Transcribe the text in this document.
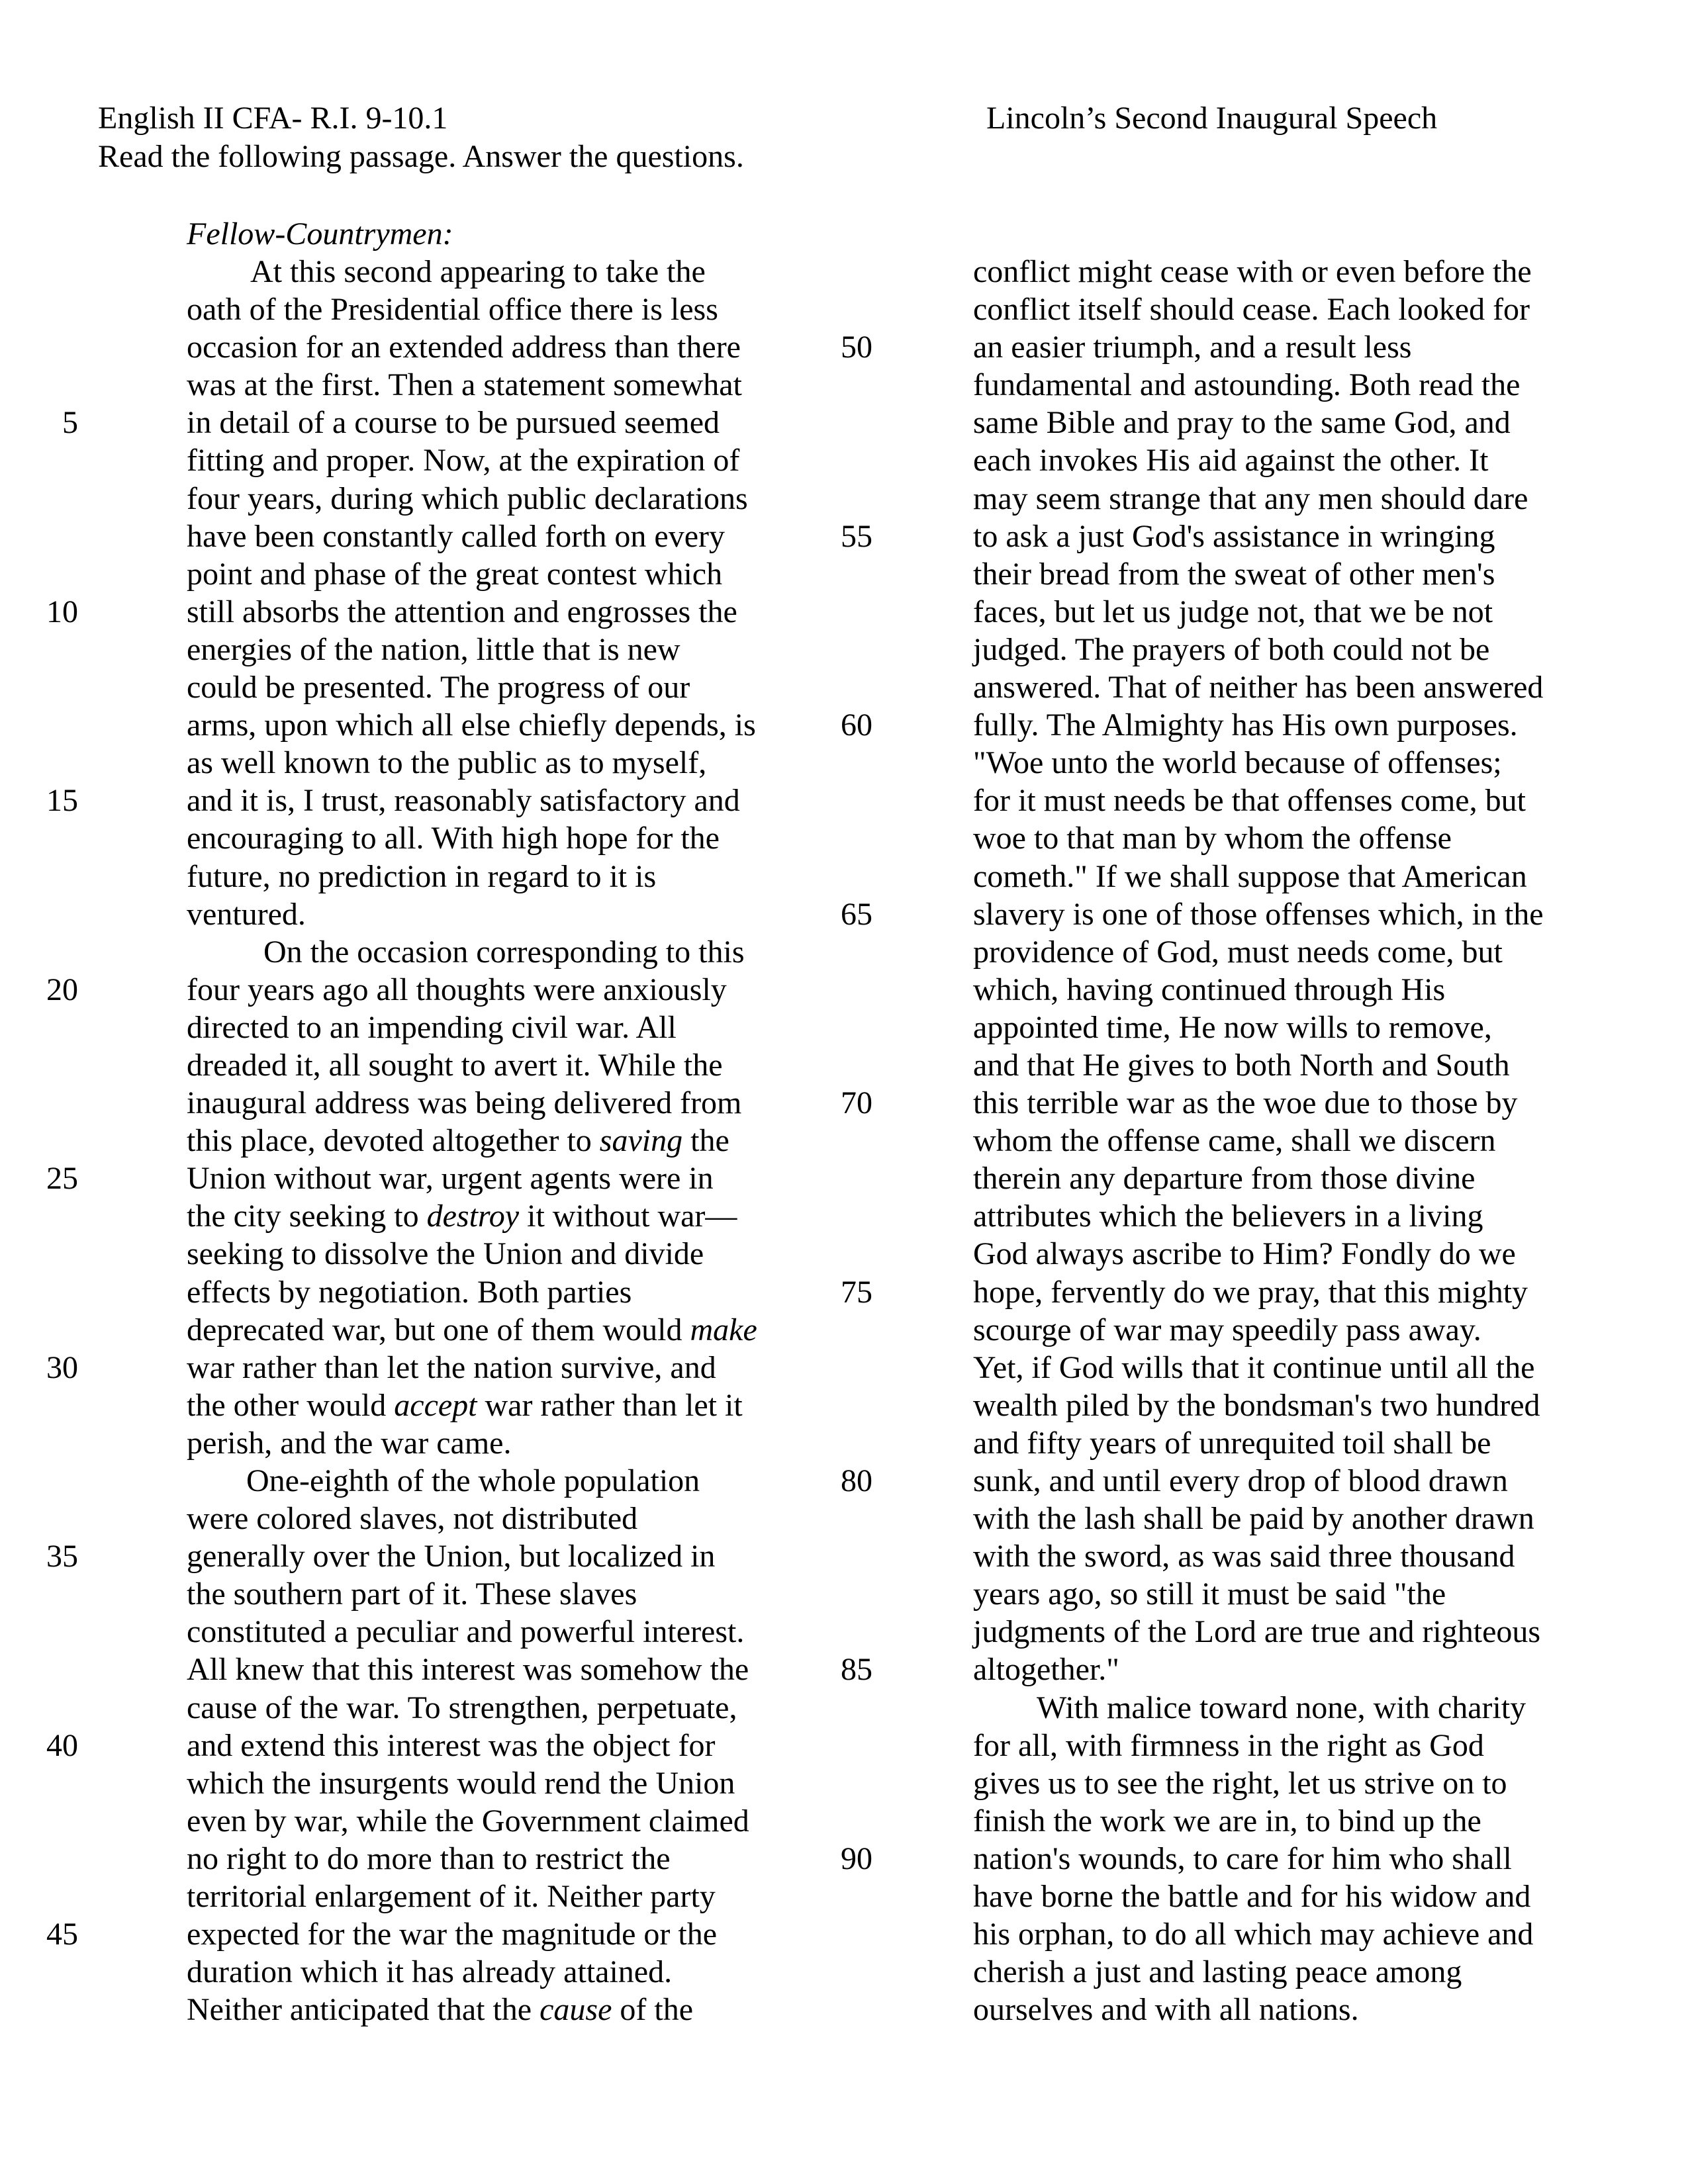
English II CFA- R.I. 9-10.1	Lincoln’s Second Inaugural Speech
Read the following passage. Answer the questions.
Fellow-Countrymen:
5
10
15
20
25
30
35
40
45
At this second appearing to take the
oath of the Presidential office there is less
occasion for an extended address than there
was at the first. Then a statement somewhat
in detail of a course to be pursued seemed
fitting and proper. Now, at the expiration of
four years, during which public declarations
have been constantly called forth on every
point and phase of the great contest which
still absorbs the attention and engrosses the
energies of the nation, little that is new
could be presented. The progress of our
arms, upon which all else chiefly depends, is
as well known to the public as to myself,
and it is, I trust, reasonably satisfactory and
encouraging to all. With high hope for the
future, no prediction in regard to it is
ventured.
On the occasion corresponding to this
four years ago all thoughts were anxiously
directed to an impending civil war. All
dreaded it, all sought to avert it. While the
inaugural address was being delivered from
this place, devoted altogether to saving the
Union without war, urgent agents were in
the city seeking to destroy it without war—
seeking to dissolve the Union and divide
effects by negotiation. Both parties
deprecated war, but one of them would make
war rather than let the nation survive, and
the other would accept war rather than let it
perish, and the war came.
One-eighth of the whole population
were colored slaves, not distributed
generally over the Union, but localized in
the southern part of it. These slaves
constituted a peculiar and powerful interest.
All knew that this interest was somehow the
cause of the war. To strengthen, perpetuate,
and extend this interest was the object for
which the insurgents would rend the Union
even by war, while the Government claimed
no right to do more than to restrict the
territorial enlargement of it. Neither party
expected for the war the magnitude or the
duration which it has already attained.
Neither anticipated that the cause of the
50
55
60
65
70
75
80
85
90
conflict might cease with or even before the
conflict itself should cease. Each looked for
an easier triumph, and a result less
fundamental and astounding. Both read the
same Bible and pray to the same God, and
each invokes His aid against the other. It
may seem strange that any men should dare
to ask a just God's assistance in wringing
their bread from the sweat of other men's
faces, but let us judge not, that we be not
judged. The prayers of both could not be
answered. That of neither has been answered
fully. The Almighty has His own purposes.
"Woe unto the world because of offenses;
for it must needs be that offenses come, but
woe to that man by whom the offense
cometh." If we shall suppose that American
slavery is one of those offenses which, in the
providence of God, must needs come, but
which, having continued through His
appointed time, He now wills to remove,
and that He gives to both North and South
this terrible war as the woe due to those by
whom the offense came, shall we discern
therein any departure from those divine
attributes which the believers in a living
God always ascribe to Him? Fondly do we
hope, fervently do we pray, that this mighty
scourge of war may speedily pass away.
Yet, if God wills that it continue until all the
wealth piled by the bondsman's two hundred
and fifty years of unrequited toil shall be
sunk, and until every drop of blood drawn
with the lash shall be paid by another drawn
with the sword, as was said three thousand
years ago, so still it must be said "the
judgments of the Lord are true and righteous
altogether."
With malice toward none, with charity
for all, with firmness in the right as God
gives us to see the right, let us strive on to
finish the work we are in, to bind up the
nation's wounds, to care for him who shall
have borne the battle and for his widow and
his orphan, to do all which may achieve and
cherish a just and lasting peace among
ourselves and with all nations.
